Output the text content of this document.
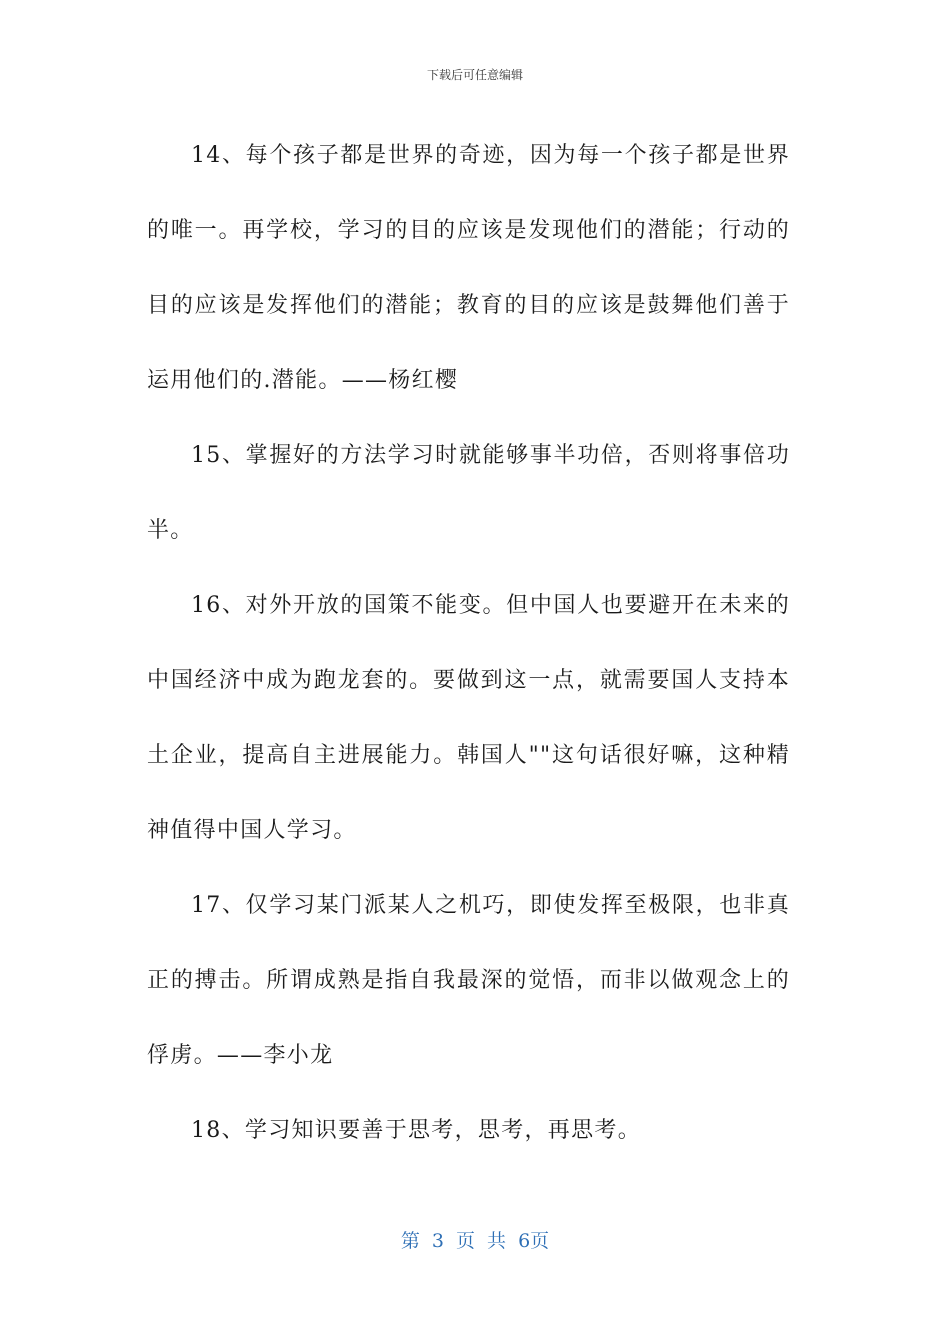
下载后可任意编辑

14、每个孩子都是世界的奇迹，因为每一个孩子都是世界的唯一。再学校，学习的目的应该是发现他们的潜能；行动的目的应该是发挥他们的潜能；教育的目的应该是鼓舞他们善于运用他们的.潜能。——杨红樱

15、掌握好的方法学习时就能够事半功倍，否则将事倍功半。

16、对外开放的国策不能变。但中国人也要避开在未来的中国经济中成为跑龙套的。要做到这一点，就需要国人支持本土企业，提高自主进展能力。韩国人""这句话很好嘛，这种精神值得中国人学习。

17、仅学习某门派某人之机巧，即使发挥至极限，也非真正的搏击。所谓成熟是指自我最深的觉悟，而非以做观念上的俘虏。——李小龙

18、学习知识要善于思考，思考，再思考。

第 3 页 共 6页
